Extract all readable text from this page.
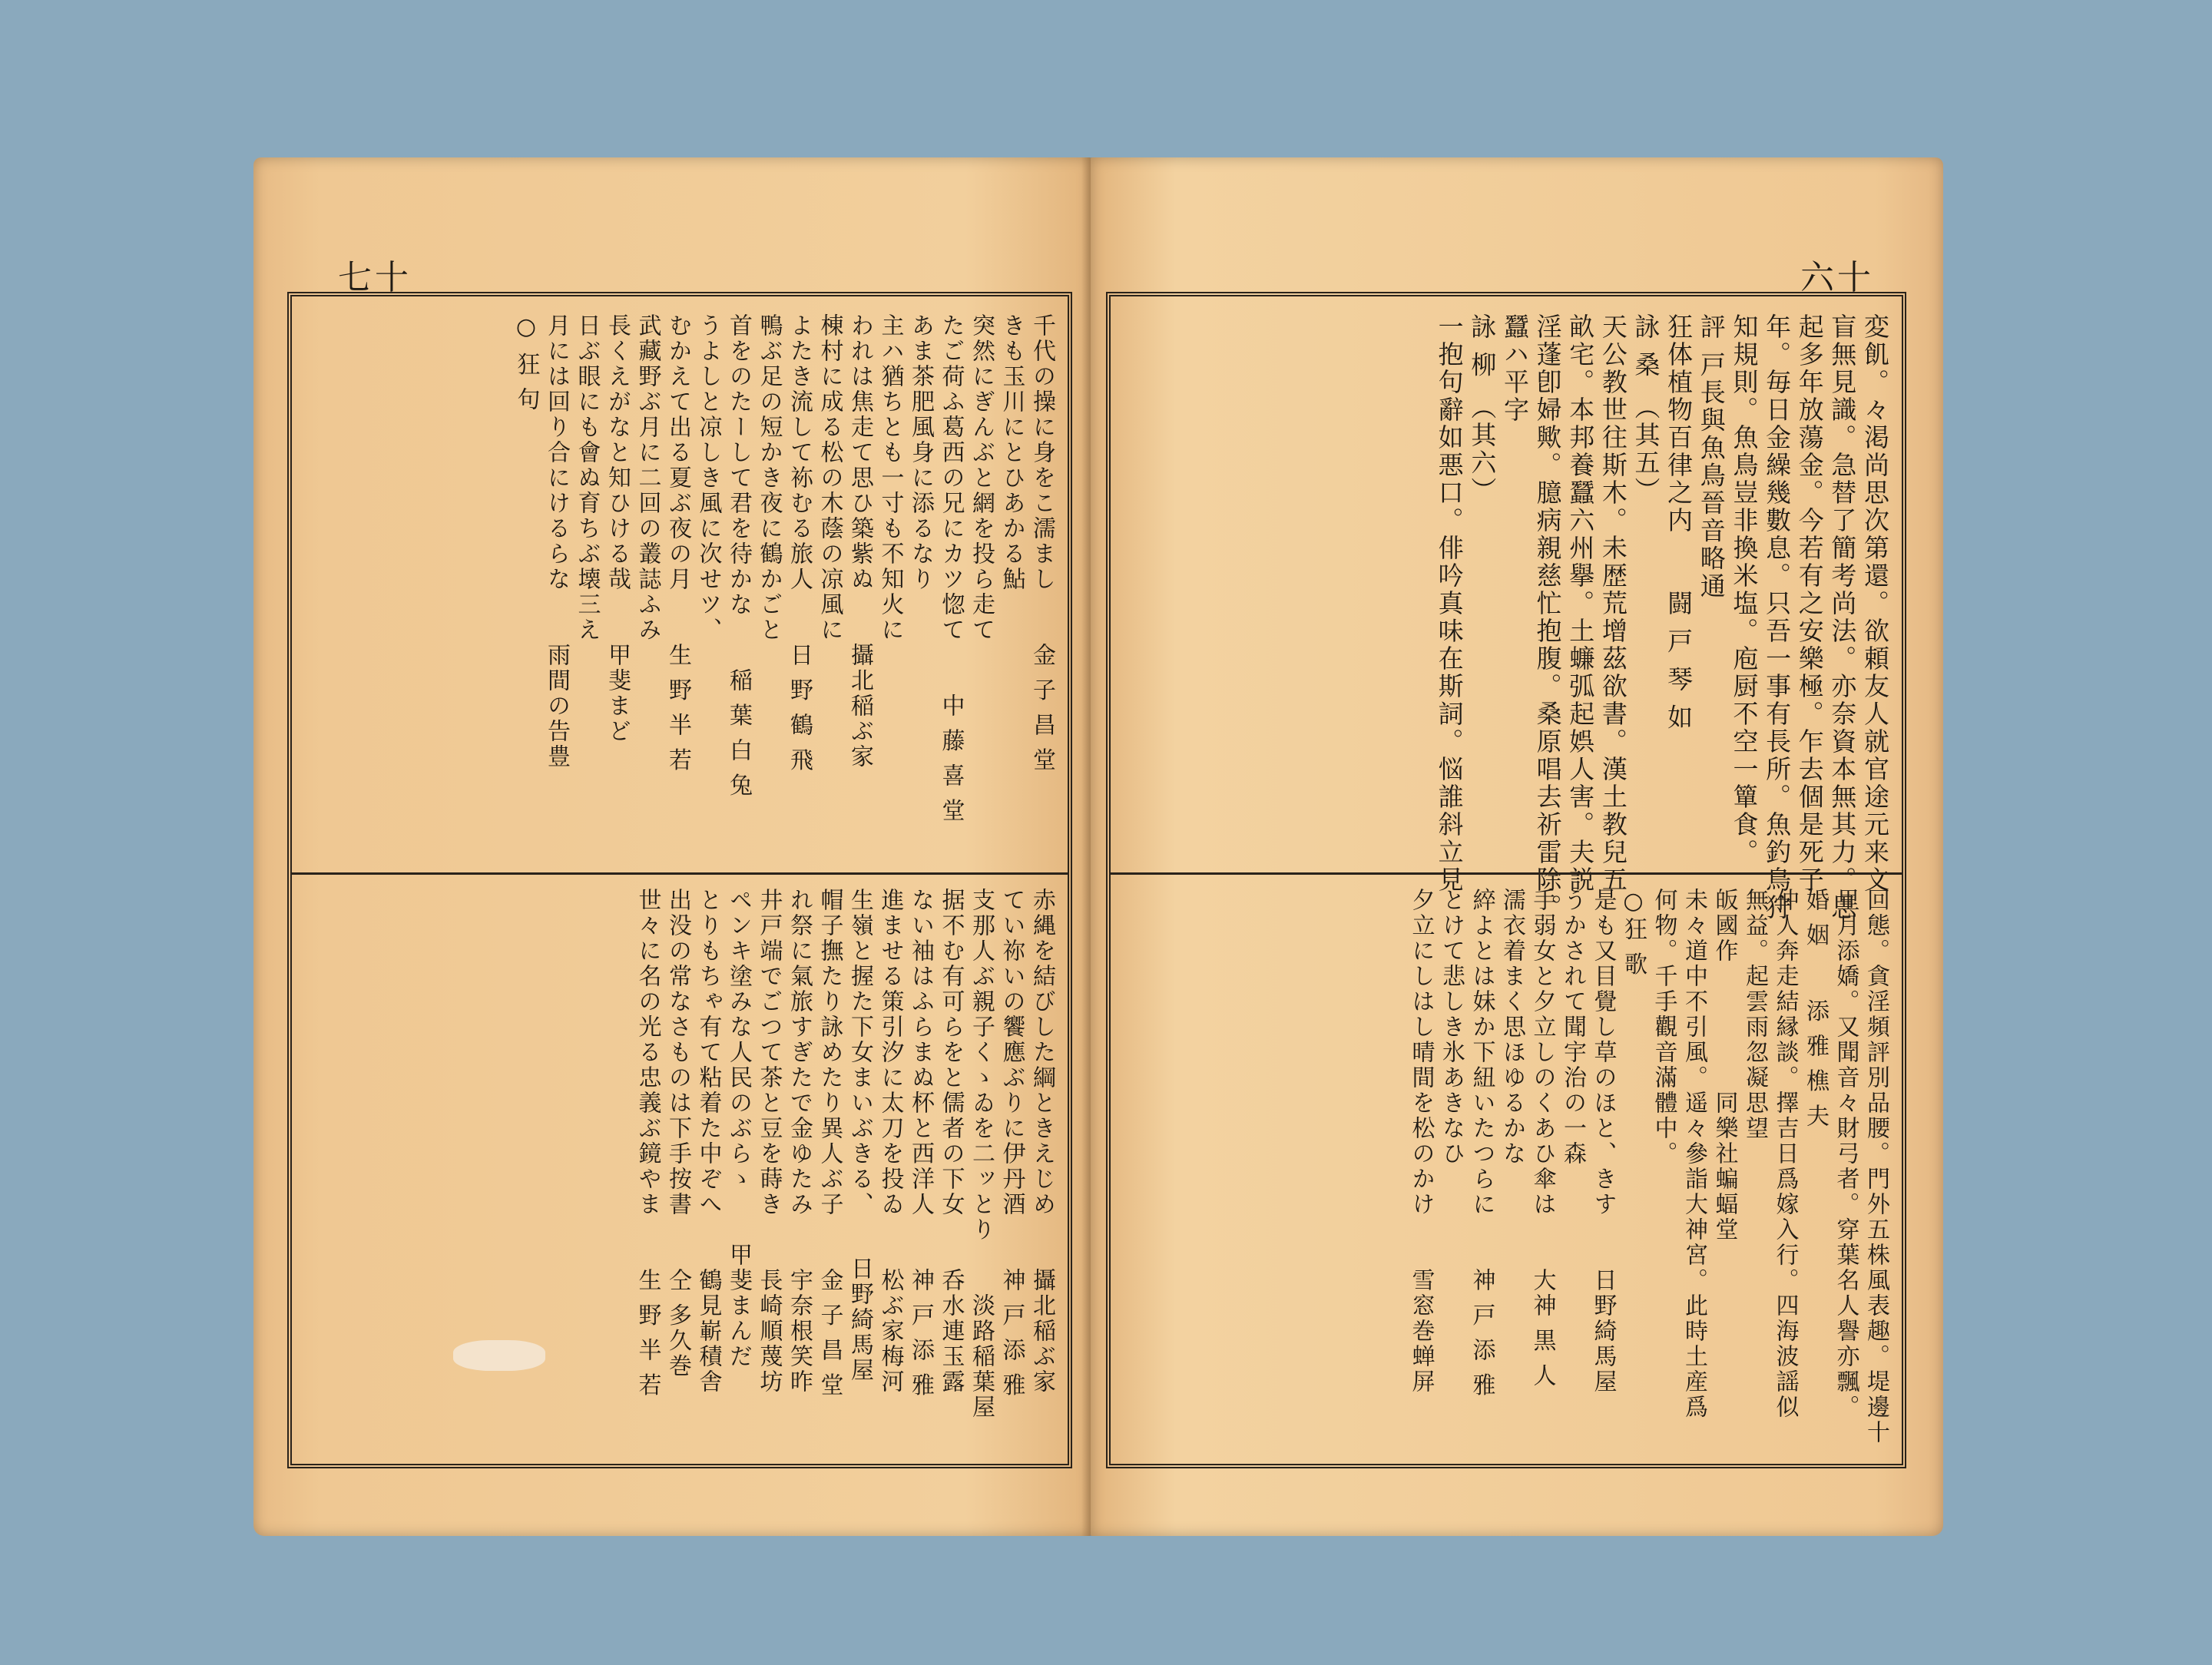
七十
千代の操に身をこ濡まし　　金 子 昌 堂
きも玉川にとひあかる鮎
突然にぎんぶと網を投ら走て
たご荷ふ葛西の兄にカツ惚て　　中 藤 喜 堂
あま茶肥風身に添るなり
主ハ猶ちとも一寸も不知火に
われは焦走て思ひ築紫ぬ　　攝北稲ぶ家
棟村に成る松の木蔭の凉風に
よたき流して袮むる旅人　　日 野 鶴 飛
鴨ぶ足の短かき夜に鶴かごと
首をのたーして君を待かな　　稲 葉 白 兔
うよしと凉しき風に次せツ、
むかえて出る夏ぶ夜の月　　生 野 半 若
武藏野ぶ月に二回の叢誌ふみ
長くえがなと知ひける哉　　甲斐まど
日ぶ眼にも會ぬ育ちぶ壊三え
月には回り合にけるらな　　雨間の告豊
○ 狂 句
赤縄を結びした綱ときえじめ　　攝北稲ぶ家
てい祢いの饗應ぶりに伊丹酒　　神 戸 添 雅
支那人ぶ親子くゝゐを二ッとり　　淡路稲葉屋
据不む有可らをと儒者の下女　　呑水連玉露
ない袖はふらまぬ杯と西洋人　　神 戸 添 雅
進ませる策引汐に太刀を投ゐ　　松ぶ家梅河
生嶺と握た下女まいぶきる、　　日野綺馬屋
帽子撫たり詠めたり異人ぶ子　　金 子 昌 堂
れ祭に氣旅すぎたで金ゆたみ　　宇奈根笑昨
井戸端でごつて茶と豆を蒔き　　長崎順蔑坊
ペンキ塗みな人民のぶらゝ　　甲斐まんだ
とりもちゃ有て粘着た中ぞへ　　鶴見嶄積舎
出没の常なさものは下手按書　　仝 多久巻
世々に名の光る忠義ぶ鏡やま　　生 野 半 若
六十
変飢。々渇尚思次第還。欲頼友人就官途元来文
盲無見識。急替了簡考尚法。亦奈資本無其力。思
起多年放蕩金。今若有之安樂極。乍去個是死子
年。毎日金繰幾數息。只吾一事有長所。魚釣鳥狩
知規則。魚鳥豈非換米塩。庖厨不空一簞食。
評 戸長與魚鳥晉音略通
狂体植物百律之内　　闘 戸 琴 如
詠 桑　（其五）
天公教世往斯木。未歴荒增茲欲書。漢土教兒五
畝宅。本邦養蠶六州擧。土蠊弧起娯人害。夫説
淫蓬卽婦歟。臆病親慈忙抱腹。桑原唱去祈雷除。
蠶ハ平字
詠 柳　（其六）
一抱句辭如悪口。俳吟真味在斯詞。悩誰斜立見
回態。貪淫頻評別品腰。門外五株風表趣。堤邊十
里月添嬌。又聞音々財弓者。穿葉名人譽亦飄。
婚 姻　　添 雅 樵 夫
仲人奔走結縁談。擇吉日爲嫁入行。四海波謡似
無益。起雲雨忽凝思望
皈國作　　　　　同樂社蝙蝠堂
未々道中不引風。遥々參詣大神宮。此時土産爲
何物。千手觀音滿體中。
○狂 歌
是も又目覺し草のほと、きす　　日野綺馬屋
うかされて聞宇治の一森
手弱女と夕立しのくあひ傘は　　大神 黒 人
濡衣着まく思ほゆるかな
綷よとは妹か下紐いたつらに　　神 戸 添 雅
とけて悲しき氷あきなひ
夕立にしはし晴間を松のかけ　　雪窓巻蝉屏
